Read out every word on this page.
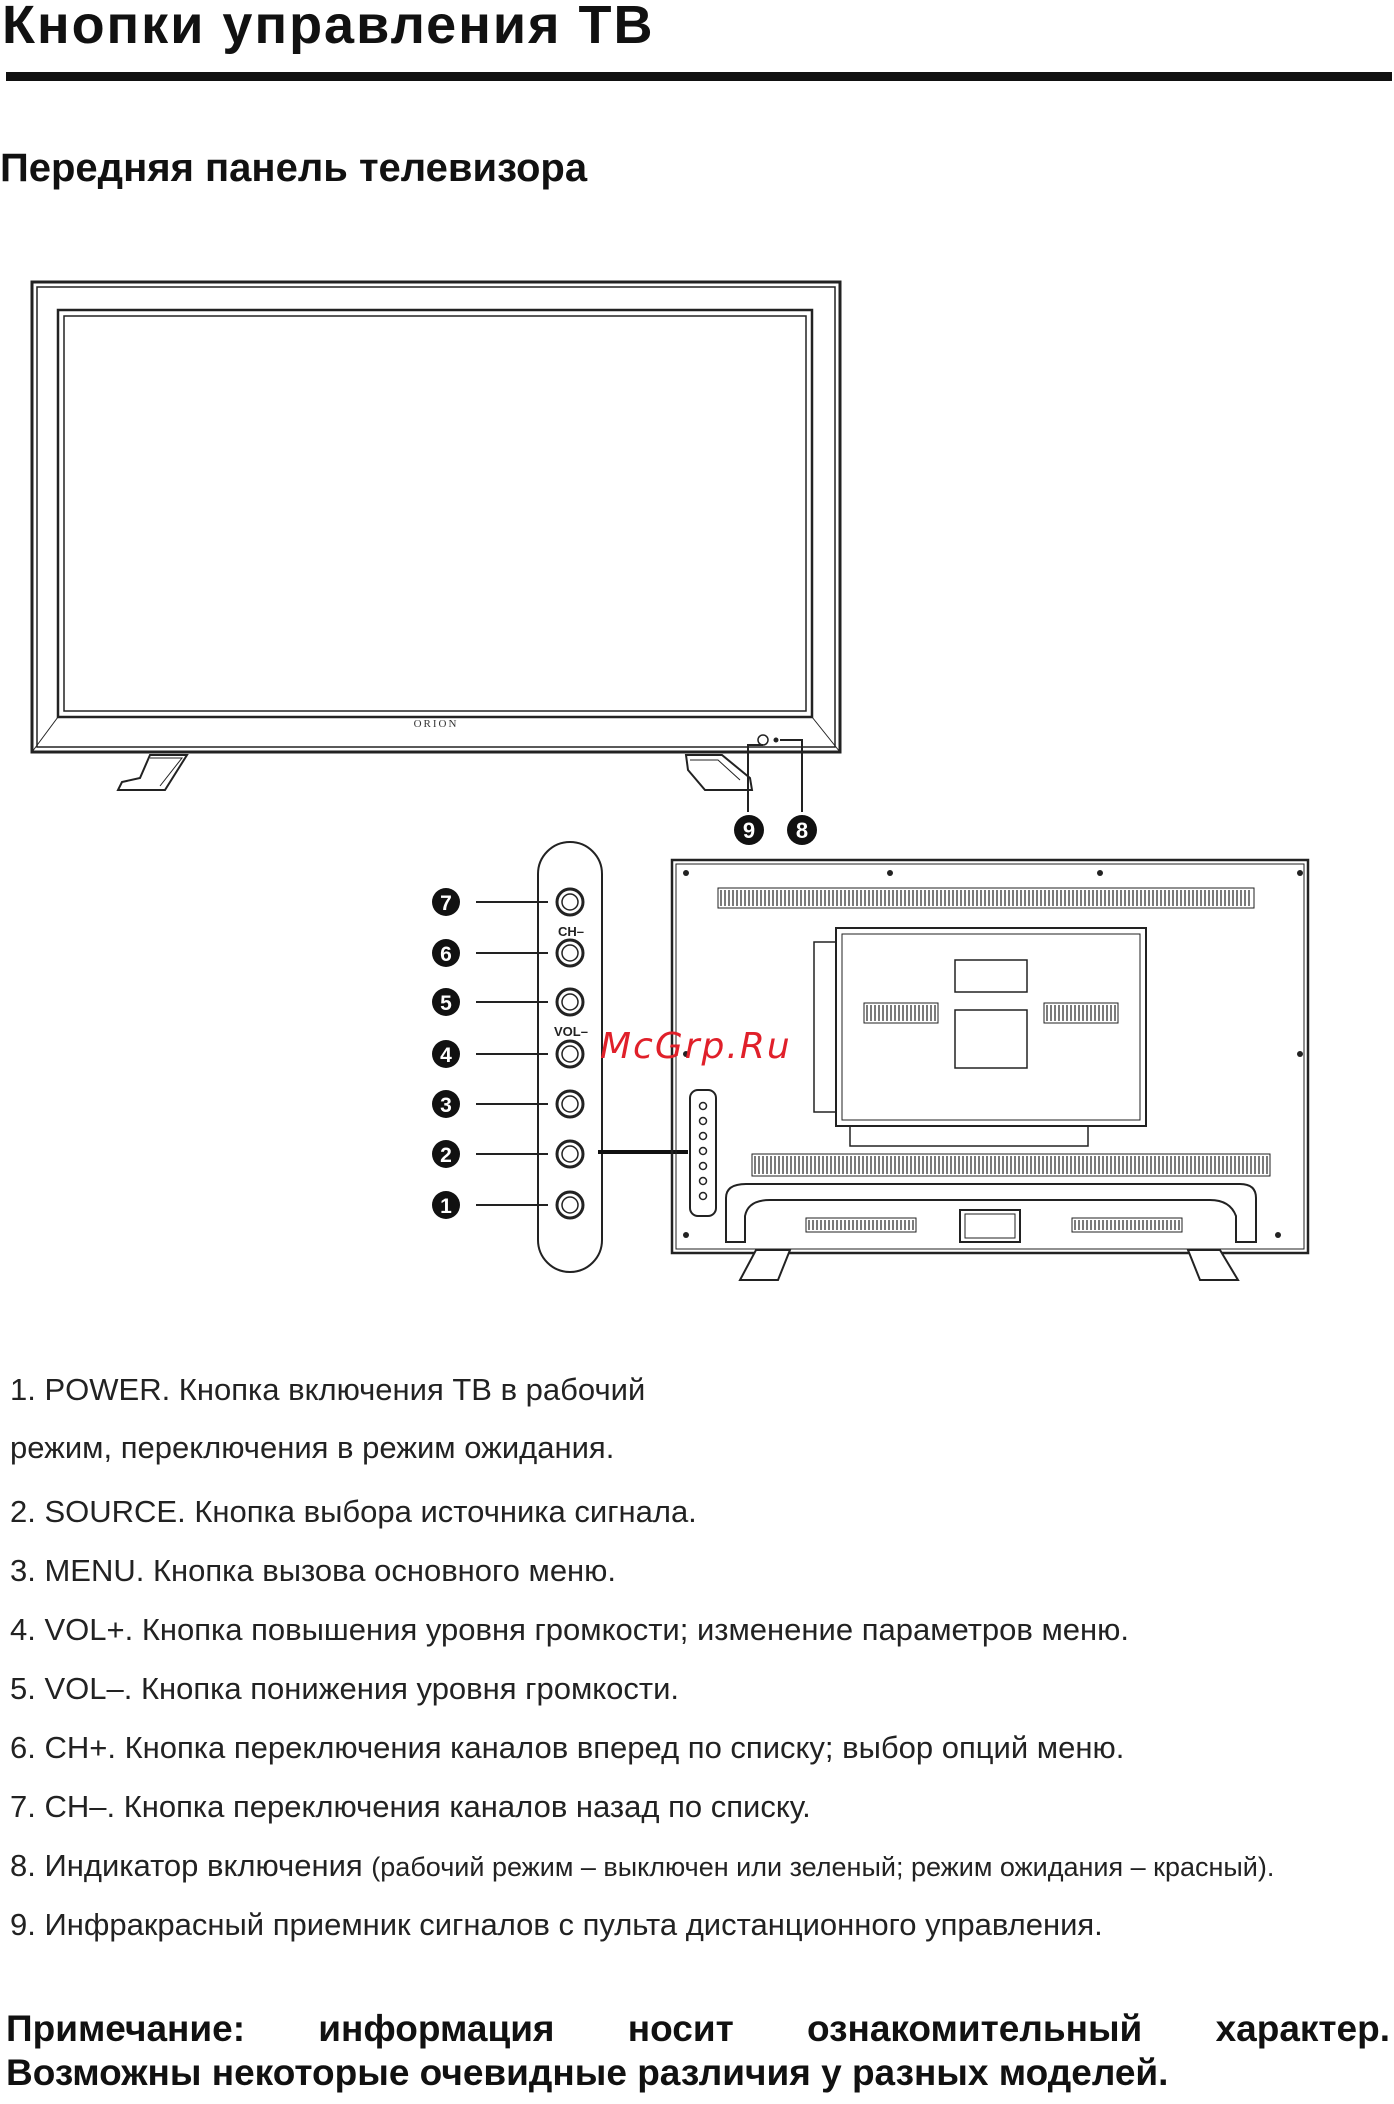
Кнопки управления ТВ
Передняя панель телевизора
ORION
9 8
CH–
VOL–
7
6
5
4
3
2
1
McGrp.Ru
1. POWER. Кнопка включения ТВ в рабочий
режим, переключения в режим ожидания.
2. SOURCE. Кнопка выбора источника сигнала.
3. MENU. Кнопка вызова основного меню.
4. VOL+. Кнопка повышения уровня громкости; изменение параметров меню.
5. VOL–. Кнопка понижения уровня громкости.
6. CH+. Кнопка переключения каналов вперед по списку; выбор опций меню.
7. CH–. Кнопка переключения каналов назад по списку.
8. Индикатор включения (рабочий режим – выключен или зеленый; режим ожидания – красный).
9. Инфракрасный приемник сигналов с пульта дистанционного управления.

Примечание: информация носит ознакомительный характер.

Возможны некоторые очевидные различия у разных моделей.
